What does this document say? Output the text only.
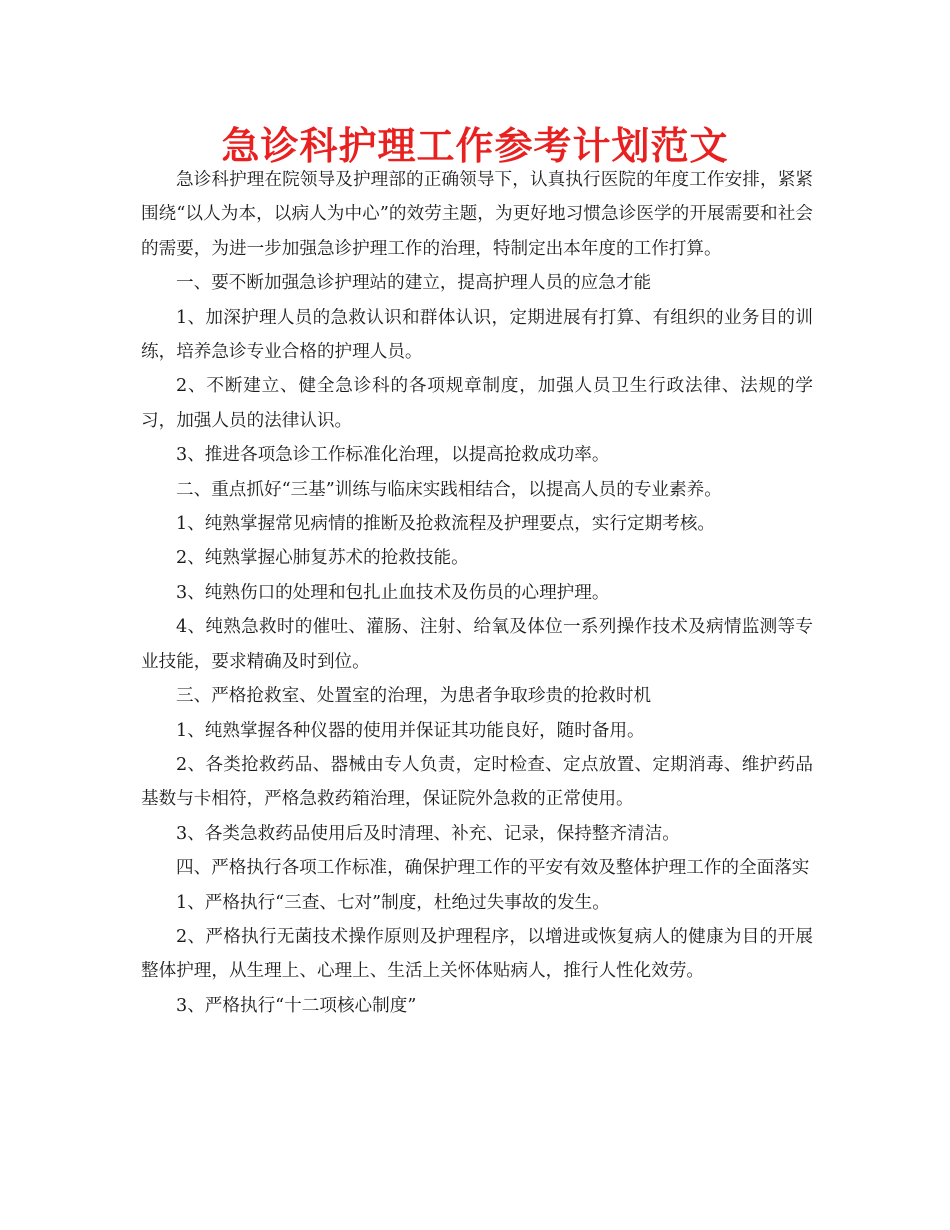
急诊科护理工作参考计划范文

急诊科护理在院领导及护理部的正确领导下，认真执行医院的年度工作安排，紧紧围绕“以人为本，以病人为中心”的效劳主题，为更好地习惯急诊医学的开展需要和社会的需要，为进一步加强急诊护理工作的治理，特制定出本年度的工作打算。

一、要不断加强急诊护理站的建立，提高护理人员的应急才能

1、加深护理人员的急救认识和群体认识，定期进展有打算、有组织的业务目的训练，培养急诊专业合格的护理人员。

2、不断建立、健全急诊科的各项规章制度，加强人员卫生行政法律、法规的学习，加强人员的法律认识。

3、推进各项急诊工作标准化治理，以提高抢救成功率。

二、重点抓好“三基”训练与临床实践相结合，以提高人员的专业素养。

1、纯熟掌握常见病情的推断及抢救流程及护理要点，实行定期考核。

2、纯熟掌握心肺复苏术的抢救技能。

3、纯熟伤口的处理和包扎止血技术及伤员的心理护理。

4、纯熟急救时的催吐、灌肠、注射、给氧及体位一系列操作技术及病情监测等专业技能，要求精确及时到位。

三、严格抢救室、处置室的治理，为患者争取珍贵的抢救时机

1、纯熟掌握各种仪器的使用并保证其功能良好，随时备用。

2、各类抢救药品、器械由专人负责，定时检查、定点放置、定期消毒、维护药品基数与卡相符，严格急救药箱治理，保证院外急救的正常使用。

3、各类急救药品使用后及时清理、补充、记录，保持整齐清洁。

四、严格执行各项工作标准，确保护理工作的平安有效及整体护理工作的全面落实

1、严格执行“三查、七对”制度，杜绝过失事故的发生。

2、严格执行无菌技术操作原则及护理程序，以增进或恢复病人的健康为目的开展整体护理，从生理上、心理上、生活上关怀体贴病人，推行人性化效劳。

3、严格执行“十二项核心制度”
